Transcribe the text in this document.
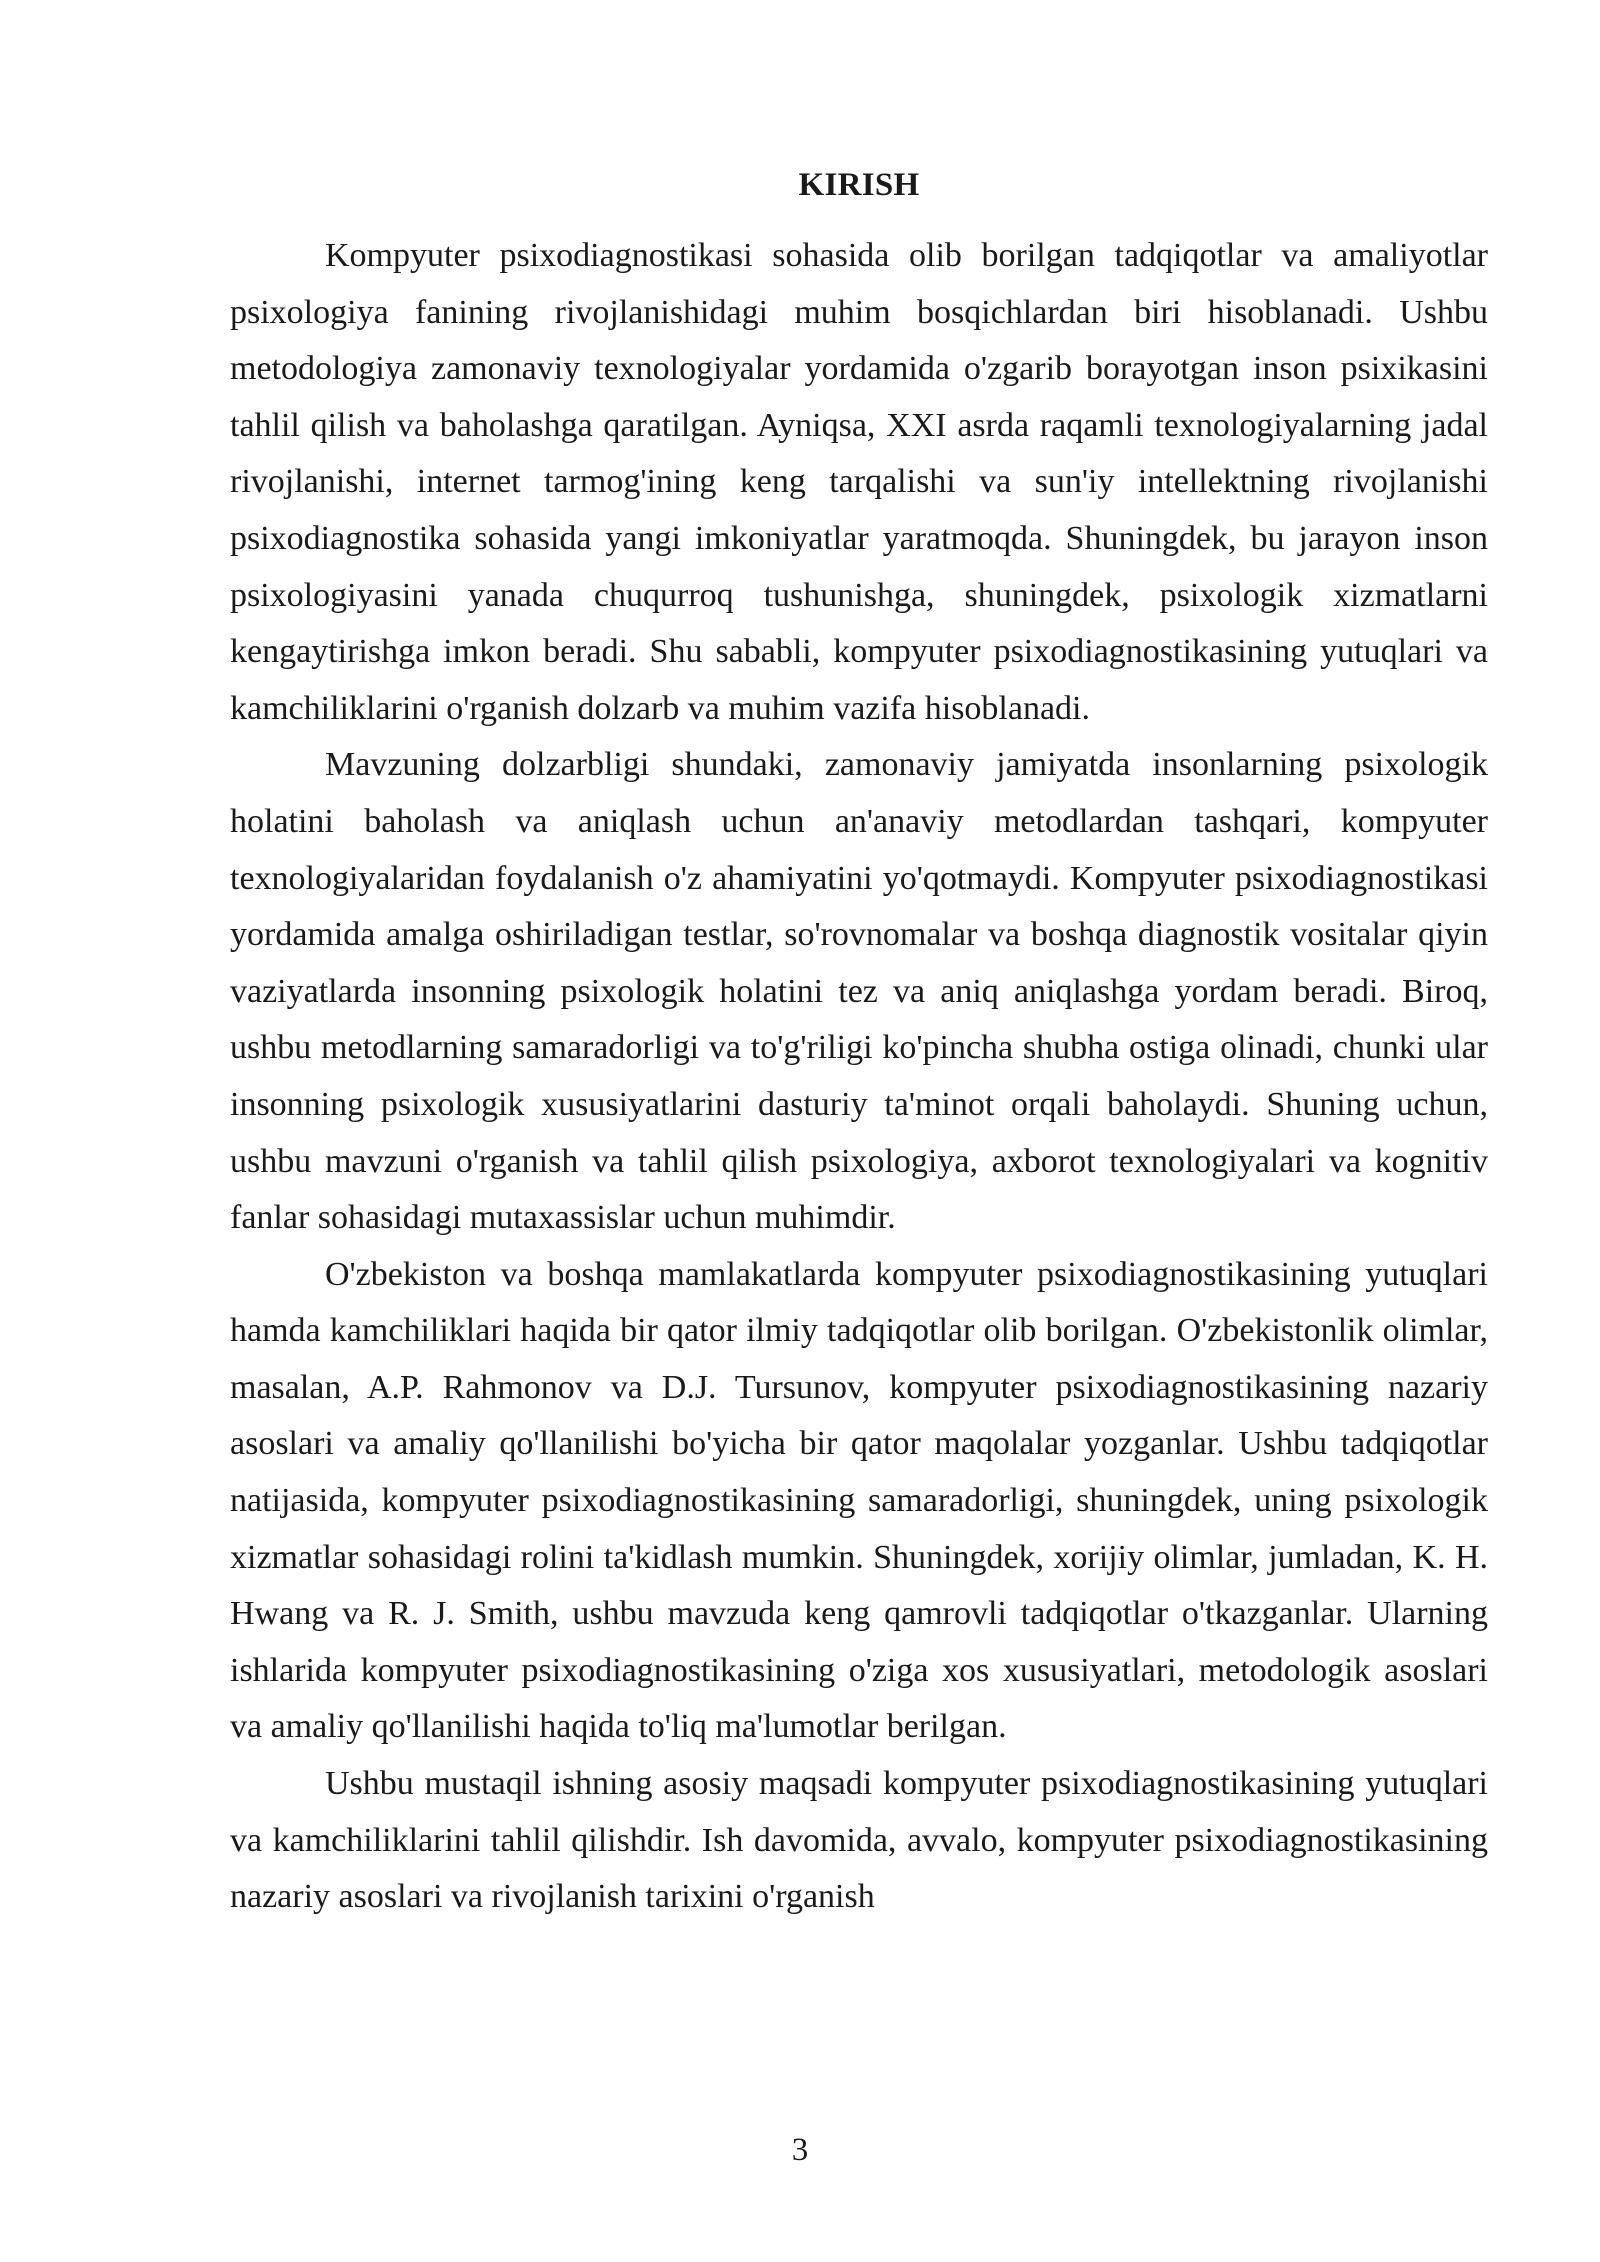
KIRISH

Kompyuter psixodiagnostikasi sohasida olib borilgan tadqiqotlar va amaliyotlar psixologiya fanining rivojlanishidagi muhim bosqichlardan biri hisoblanadi. Ushbu metodologiya zamonaviy texnologiyalar yordamida o'zgarib borayotgan inson psixikasini tahlil qilish va baholashga qaratilgan. Ayniqsa, XXI asrda raqamli texnologiyalarning jadal rivojlanishi, internet tarmog'ining keng tarqalishi va sun'iy intellektning rivojlanishi psixodiagnostika sohasida yangi imkoniyatlar yaratmoqda. Shuningdek, bu jarayon inson psixologiyasini yanada chuqurroq tushunishga, shuningdek, psixologik xizmatlarni kengaytirishga imkon beradi. Shu sababli, kompyuter psixodiagnostikasining yutuqlari va kamchiliklarini o'rganish dolzarb va muhim vazifa hisoblanadi.

Mavzuning dolzarbligi shundaki, zamonaviy jamiyatda insonlarning psixologik holatini baholash va aniqlash uchun an'anaviy metodlardan tashqari, kompyuter texnologiyalaridan foydalanish o'z ahamiyatini yo'qotmaydi. Kompyuter psixodiagnostikasi yordamida amalga oshiriladigan testlar, so'rovnomalar va boshqa diagnostik vositalar qiyin vaziyatlarda insonning psixologik holatini tez va aniq aniqlashga yordam beradi. Biroq, ushbu metodlarning samaradorligi va to'g'riligi ko'pincha shubha ostiga olinadi, chunki ular insonning psixologik xususiyatlarini dasturiy ta'minot orqali baholaydi. Shuning uchun, ushbu mavzuni o'rganish va tahlil qilish psixologiya, axborot texnologiyalari va kognitiv fanlar sohasidagi mutaxassislar uchun muhimdir.

O'zbekiston va boshqa mamlakatlarda kompyuter psixodiagnostikasining yutuqlari hamda kamchiliklari haqida bir qator ilmiy tadqiqotlar olib borilgan. O'zbekistonlik olimlar, masalan, A.P. Rahmonov va D.J. Tursunov, kompyuter psixodiagnostikasining nazariy asoslari va amaliy qo'llanilishi bo'yicha bir qator maqolalar yozganlar. Ushbu tadqiqotlar natijasida, kompyuter psixodiagnostikasining samaradorligi, shuningdek, uning psixologik xizmatlar sohasidagi rolini ta'kidlash mumkin. Shuningdek, xorijiy olimlar, jumladan, K. H. Hwang va R. J. Smith, ushbu mavzuda keng qamrovli tadqiqotlar o'tkazganlar. Ularning ishlarida kompyuter psixodiagnostikasining o'ziga xos xususiyatlari, metodologik asoslari va amaliy qo'llanilishi haqida to'liq ma'lumotlar berilgan.

Ushbu mustaqil ishning asosiy maqsadi kompyuter psixodiagnostikasining yutuqlari va kamchiliklarini tahlil qilishdir. Ish davomida, avvalo, kompyuter psixodiagnostikasining nazariy asoslari va rivojlanish tarixini o'rganish

3
